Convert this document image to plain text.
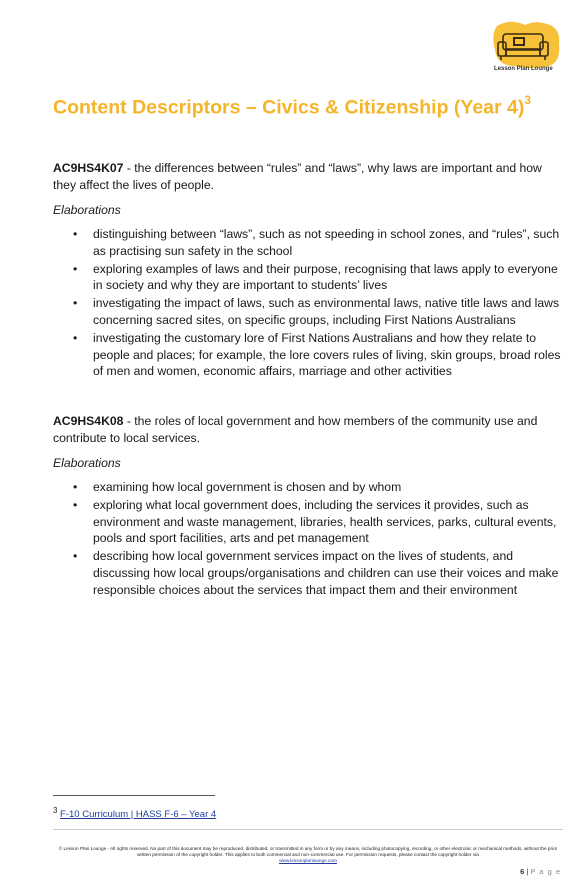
Lesson Plan Lounge
Content Descriptors – Civics & Citizenship (Year 4)$^3$

AC9HS4K07 - the differences between “rules” and “laws”, why laws are important and how they affect the lives of people.

Elaborations
• distinguishing between “laws”, such as not speeding in school zones, and “rules”, such as practising sun safety in the school
• exploring examples of laws and their purpose, recognising that laws apply to everyone in society and why they are important to students’ lives
• investigating the impact of laws, such as environmental laws, native title laws and laws concerning sacred sites, on specific groups, including First Nations Australians
• investigating the customary lore of First Nations Australians and how they relate to people and places; for example, the lore covers rules of living, skin groups, broad roles of men and women, economic affairs, marriage and other activities

AC9HS4K08 - the roles of local government and how members of the community use and contribute to local services.

Elaborations
• examining how local government is chosen and by whom
• exploring what local government does, including the services it provides, such as environment and waste management, libraries, health services, parks, cultural events, pools and sport facilities, arts and pet management
• describing how local government services impact on the lives of students, and discussing how local groups/organisations and children can use their voices and make responsible choices about the services that impact them and their environment
$^3$ F-10 Curriculum | HASS F-6 – Year 4
© Lesson Plan Lounge - All rights reserved. No part of this document may be reproduced, distributed, or transmitted in any form or by any means, including photocopying, recording, or other electronic or mechanical methods, without the prior written permission of the copyright holder. This applies to both commercial and non-commercial use. For permission requests, please contact the copyright holder via
www.lessonplanlounge.com
6 | P a g e
